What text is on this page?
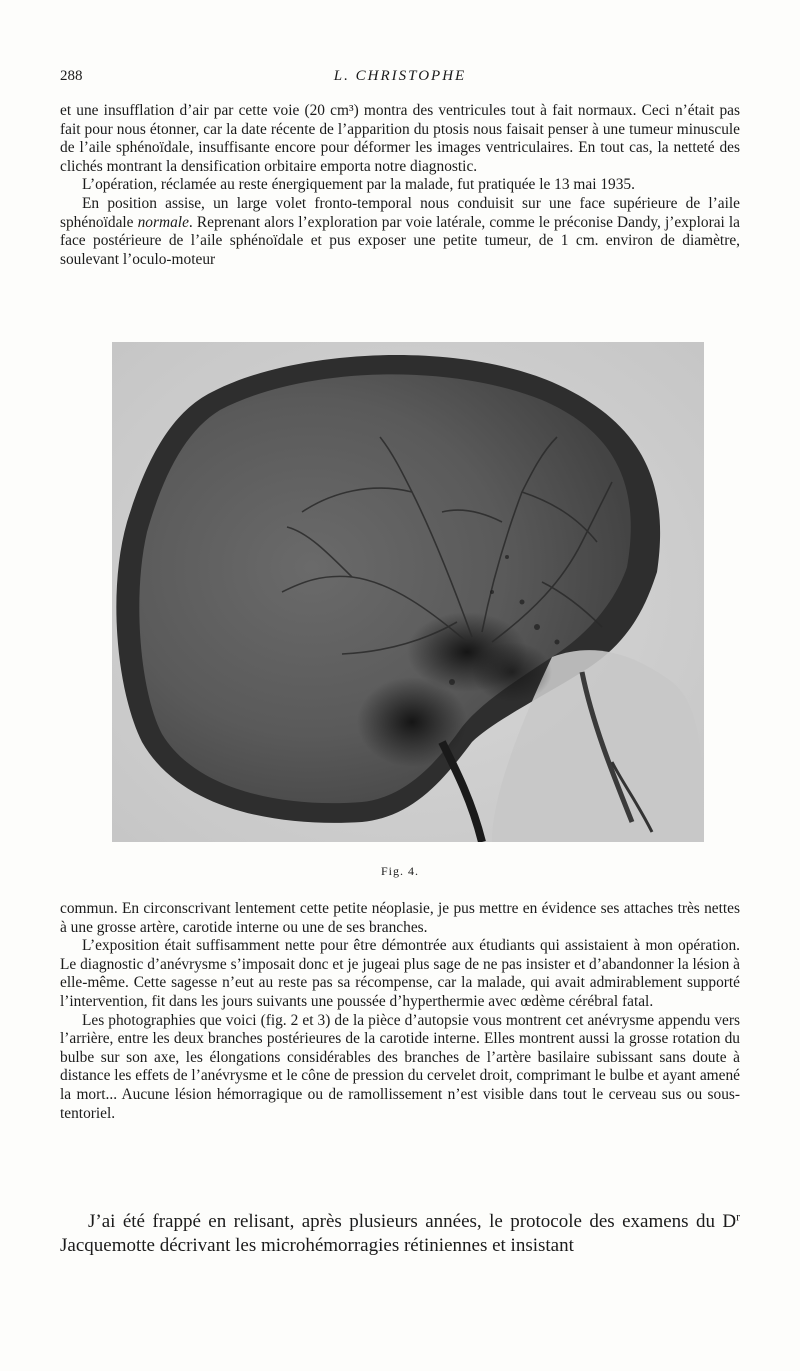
288	L. CHRISTOPHE

et une insufflation d’air par cette voie (20 cm³) montra des ventricules tout à fait normaux. Ceci n’était pas fait pour nous étonner, car la date récente de l’apparition du ptosis nous faisait penser à une tumeur minuscule de l’aile sphénoïdale, insuffisante encore pour déformer les images ventriculaires. En tout cas, la netteté des clichés montrant la densification orbitaire emporta notre diagnostic.

L’opération, réclamée au reste énergiquement par la malade, fut pratiquée le 13 mai 1935.

En position assise, un large volet fronto-temporal nous conduisit sur une face supérieure de l’aile sphénoïdale normale. Reprenant alors l’exploration par voie latérale, comme le préconise Dandy, j’explorai la face postérieure de l’aile sphénoïdale et pus exposer une petite tumeur, de 1 cm. environ de diamètre, soulevant l’oculo-moteur

Fig. 4.

commun. En circonscrivant lentement cette petite néoplasie, je pus mettre en évidence ses attaches très nettes à une grosse artère, carotide interne ou une de ses branches.

L’exposition était suffisamment nette pour être démontrée aux étudiants qui assistaient à mon opération. Le diagnostic d’anévrysme s’imposait donc et je jugeai plus sage de ne pas insister et d’abandonner la lésion à elle-même. Cette sagesse n’eut au reste pas sa récompense, car la malade, qui avait admirablement supporté l’intervention, fit dans les jours suivants une poussée d’hyperthermie avec œdème cérébral fatal.

Les photographies que voici (fig. 2 et 3) de la pièce d’autopsie vous montrent cet anévrysme appendu vers l’arrière, entre les deux branches postérieures de la carotide interne. Elles montrent aussi la grosse rotation du bulbe sur son axe, les élongations considérables des branches de l’artère basilaire subissant sans doute à distance les effets de l’anévrysme et le cône de pression du cervelet droit, comprimant le bulbe et ayant amené la mort... Aucune lésion hémorragique ou de ramollissement n’est visible dans tout le cerveau sus ou sous-tentoriel.

J’ai été frappé en relisant, après plusieurs années, le protocole des examens du $D^r$ Jacquemotte décrivant les microhémorragies rétiniennes et insistant
